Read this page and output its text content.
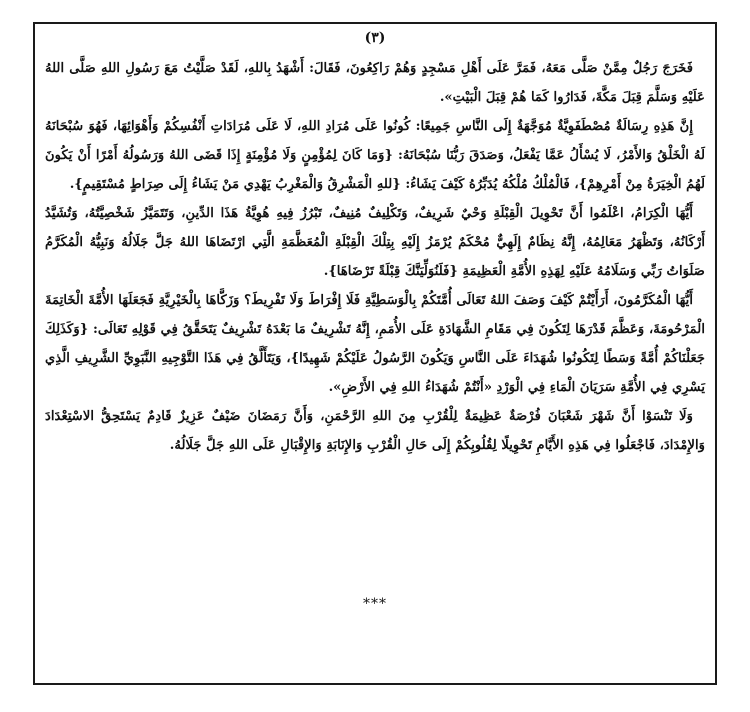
(٣)

فَخَرَجَ رَجُلٌ مِمَّنْ صَلَّى مَعَهُ، فَمَرَّ عَلَى أَهْلِ مَسْجِدٍ وَهُمْ رَاكِعُونَ، فَقَالَ: أَشْهَدُ بِاللهِ، لَقَدْ صَلَّيْتُ مَعَ رَسُولِ اللهِ صَلَّى اللهُ عَلَيْهِ وَسَلَّمَ قِبَلَ مَكَّةَ، فَدَارُوا كَمَا هُمْ قِبَلَ الْبَيْتِ».

إِنَّ هَذِهِ رِسَالَةٌ مُصْطَفَوِيَّةٌ مُوَجَّهَةٌ إِلَى النَّاسِ جَمِيعًا: كُونُوا عَلَى مُرَادِ اللهِ، لَا عَلَى مُرَادَاتِ أَنْفُسِكُمْ وَأَهْوَائِهَا، فَهُوَ سُبْحَانَهُ لَهُ الْخَلْقُ وَالأَمْرُ، لَا يُسْأَلُ عَمَّا يَفْعَلُ، وَصَدَقَ رَبُّنَا سُبْحَانَهُ: {وَمَا كَانَ لِمُؤْمِنٍ وَلَا مُؤْمِنَةٍ إِذَا قَضَى اللهُ وَرَسُولُهُ أَمْرًا أَنْ يَكُونَ لَهُمُ الْخِيَرَةُ مِنْ أَمْرِهِمْ}، فَالْمُلْكُ مُلْكُهُ يُدَبِّرُهُ كَيْفَ يَشَاءُ: {للهِ الْمَشْرِقُ وَالْمَغْرِبُ يَهْدِي مَنْ يَشَاءُ إِلَى صِرَاطٍ مُسْتَقِيمٍ}.

أَيُّهَا الْكِرَامُ، اعْلَمُوا أَنَّ تَحْوِيلَ الْقِبْلَةِ وَحْيٌ شَرِيفٌ، وَتَكْلِيفٌ مُنِيفٌ، تَبْرُزُ فِيهِ هُوِيَّةُ هَذَا الدِّينِ، وَتَتَمَيَّزُ شَخْصِيَّتُهُ، وَتُشَيَّدُ أَرْكَانُهُ، وَتَظْهَرُ مَعَالِمُهُ، إِنَّهُ نِظَامٌ إِلَهِيٌّ مُحْكَمٌ يُرْمَزُ إِلَيْهِ بِتِلْكَ الْقِبْلَةِ الْمُعَظَّمَةِ الَّتِي ارْتَضَاهَا اللهُ جَلَّ جَلَالُهُ وَنَبِيُّهُ الْمُكَرَّمُ صَلَوَاتُ رَبِّي وَسَلَامُهُ عَلَيْهِ لِهَذِهِ الأُمَّةِ الْعَظِيمَةِ {فَلَنُوَلِّيَنَّكَ قِبْلَةً تَرْضَاهَا}.

أَيُّهَا الْمُكَرَّمُونَ، أَرَأَيْتُمْ كَيْفَ وَصَفَ اللهُ تَعَالَى أُمَّتَكُمْ بِالْوَسَطِيَّةِ فَلَا إِفْرَاطَ وَلَا تَفْرِيطَ؟ وَزَكَّاهَا بِالْخَيْرِيَّةِ فَجَعَلَهَا الأُمَّةَ الْخَاتِمَةَ الْمَرْحُومَةَ، وَعَظَّمَ قَدْرَهَا لِتَكُونَ فِي مَقَامِ الشَّهَادَةِ عَلَى الأُمَمِ، إِنَّهُ تَشْرِيفٌ مَا بَعْدَهُ تَشْرِيفٌ يَتَحَقَّقُ فِي قَوْلِهِ تَعَالَى: {وَكَذَلِكَ جَعَلْنَاكُمْ أُمَّةً وَسَطًا لِتَكُونُوا شُهَدَاءَ عَلَى النَّاسِ وَيَكُونَ الرَّسُولُ عَلَيْكُمْ شَهِيدًا}، وَيَتَأَلَّقُ فِي هَذَا التَّوْجِيهِ النَّبَوِيِّ الشَّرِيفِ الَّذِي يَسْرِي فِي الأُمَّةِ سَرَيَانَ الْمَاءِ فِي الْوَرْدِ «أَنْتُمْ شُهَدَاءُ اللهِ فِي الأَرْضِ».

وَلَا تَنْسَوْا أَنَّ شَهْرَ شَعْبَانَ فُرْصَةٌ عَظِيمَةٌ لِلْقُرْبِ مِنَ اللهِ الرَّحْمَنِ، وَأَنَّ رَمَضَانَ ضَيْفٌ عَزِيزٌ قَادِمٌ يَسْتَحِقُّ الاسْتِعْدَادَ وَالإِمْدَادَ، فَاجْعَلُوا فِي هَذِهِ الأَيَّامِ تَحْوِيلًا لِقُلُوبِكُمْ إِلَى حَالِ الْقُرْبِ وَالإِنَابَةِ وَالإِقْبَالِ عَلَى اللهِ جَلَّ جَلَالُهُ.

***
